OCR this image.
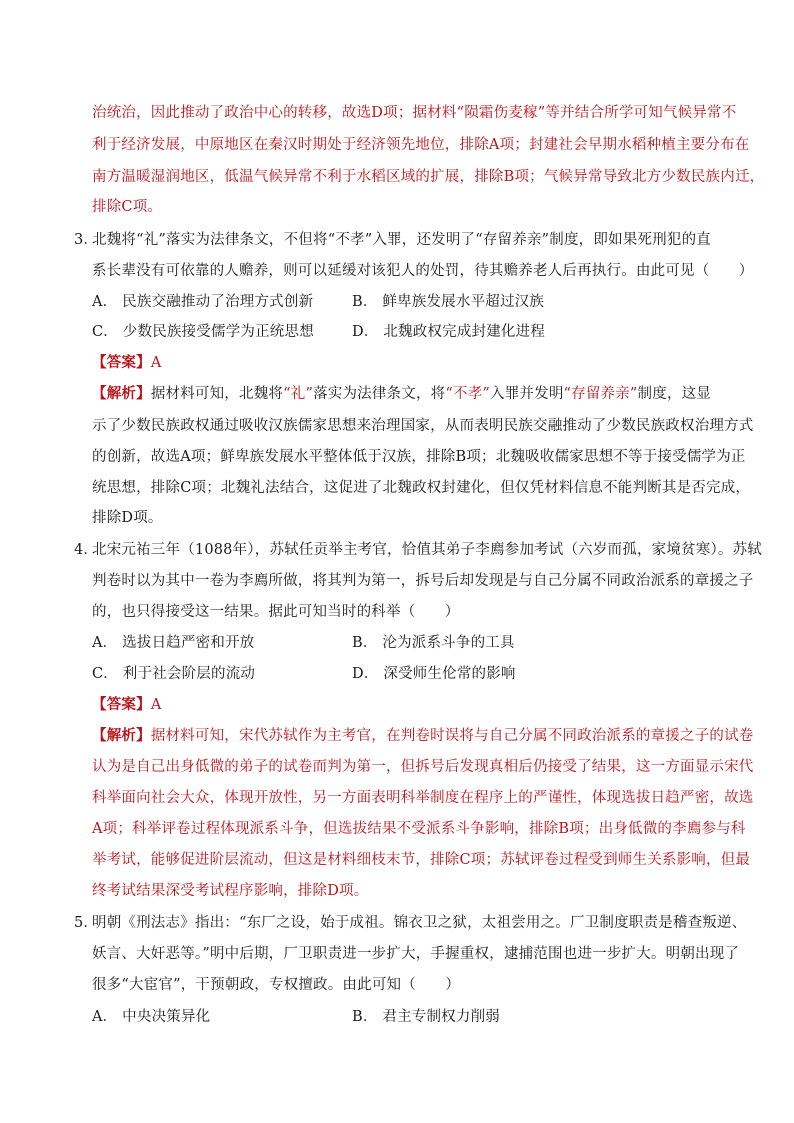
治统治，因此推动了政治中心的转移，故选D项；据材料“陨霜伤麦稼”等并结合所学可知气候异常不
利于经济发展，中原地区在秦汉时期处于经济领先地位，排除A项；封建社会早期水稻种植主要分布在
南方温暖湿润地区，低温气候异常不利于水稻区域的扩展，排除B项；气候异常导致北方少数民族内迁，
排除C项。
3．
北魏将“礼”落实为法律条文，不但将“不孝”入罪，还发明了“存留养亲”制度，即如果死刑犯的直
系长辈没有可依靠的人赡养，则可以延缓对该犯人的处罚，待其赡养老人后再执行。由此可见（　　）
A． 民族交融推动了治理方式创新	B． 鲜卑族发展水平超过汉族
C． 少数民族接受儒学为正统思想	D． 北魏政权完成封建化进程
【答案】A
【解析】据材料可知，北魏将“礼”落实为法律条文，将“不孝”入罪并发明“存留养亲”制度，这显
示了少数民族政权通过吸收汉族儒家思想来治理国家，从而表明民族交融推动了少数民族政权治理方式
的创新，故选A项；鲜卑族发展水平整体低于汉族，排除B项；北魏吸收儒家思想不等于接受儒学为正
统思想，排除C项；北魏礼法结合，这促进了北魏政权封建化，但仅凭材料信息不能判断其是否完成，
排除D项。
4．
北宋元祐三年（1088年），苏轼任贡举主考官，恰值其弟子李廌参加考试（六岁而孤，家境贫寒）。苏轼
判卷时以为其中一卷为李廌所做，将其判为第一，拆号后却发现是与自己分属不同政治派系的章援之子
的，也只得接受这一结果。据此可知当时的科举（　　）
A． 选拔日趋严密和开放	B． 沦为派系斗争的工具
C． 利于社会阶层的流动	D． 深受师生伦常的影响
【答案】A
【解析】据材料可知，宋代苏轼作为主考官，在判卷时误将与自己分属不同政治派系的章援之子的试卷
认为是自己出身低微的弟子的试卷而判为第一，但拆号后发现真相后仍接受了结果，这一方面显示宋代
科举面向社会大众，体现开放性，另一方面表明科举制度在程序上的严谨性，体现选拔日趋严密，故选
A项；科举评卷过程体现派系斗争，但选拔结果不受派系斗争影响，排除B项；出身低微的李廌参与科
举考试，能够促进阶层流动，但这是材料细枝末节，排除C项；苏轼评卷过程受到师生关系影响，但最
终考试结果深受考试程序影响，排除D项。
5．
明朝《刑法志》指出：“东厂之设，始于成祖。锦衣卫之狱，太祖尝用之。厂卫制度职责是稽查叛逆、
妖言、大奸恶等。”明中后期，厂卫职责进一步扩大，手握重权，逮捕范围也进一步扩大。明朝出现了
很多“大宦官”，干预朝政，专权擅政。由此可知（　　）
A． 中央决策异化	B． 君主专制权力削弱
